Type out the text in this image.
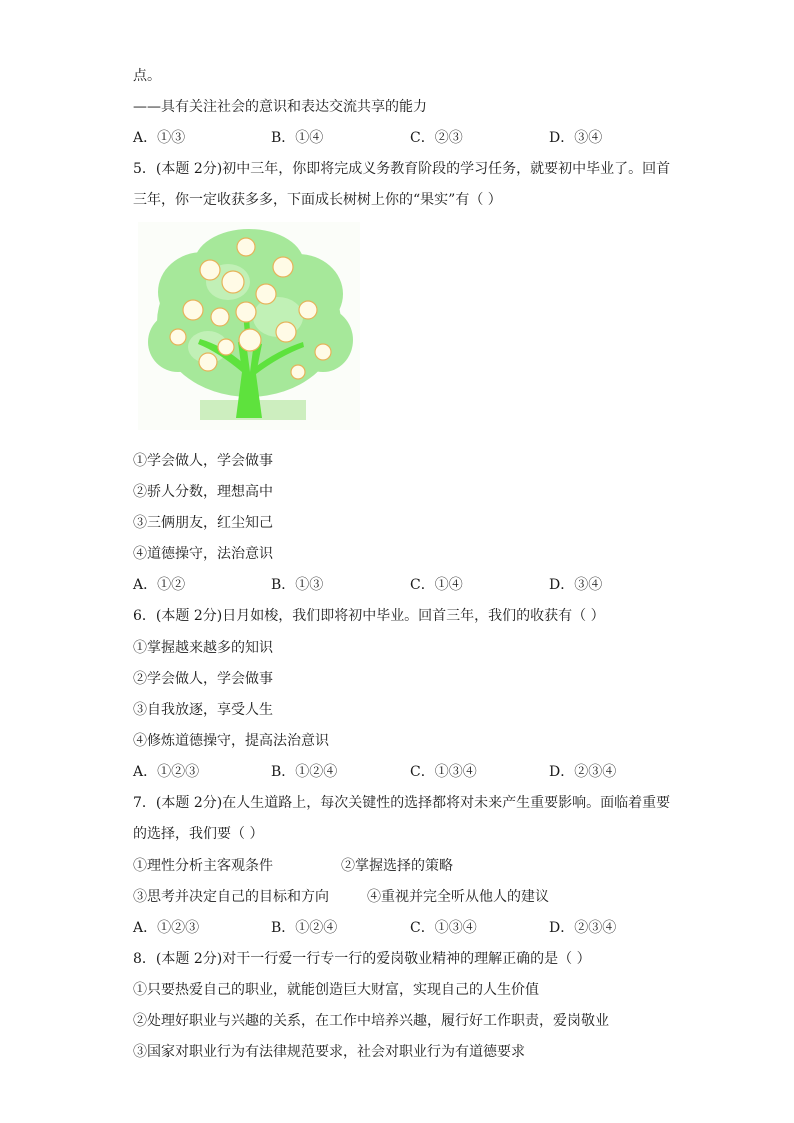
点。
——具有关注社会的意识和表达交流共享的能力
A．①③	B．①④	C．②③	D．③④
5．(本题 2分)初中三年，你即将完成义务教育阶段的学习任务，就要初中毕业了。回首
三年，你一定收获多多，下面成长树树上你的“果实”有（ ）
①学会做人，学会做事
②骄人分数，理想高中
③三俩朋友，红尘知己
④道德操守，法治意识
A．①②	B．①③	C．①④	D．③④
6．(本题 2分)日月如梭，我们即将初中毕业。回首三年，我们的收获有（ ）
①掌握越来越多的知识
②学会做人，学会做事
③自我放逐，享受人生
④修炼道德操守，提高法治意识
A．①②③	B．①②④	C．①③④	D．②③④
7．(本题 2分)在人生道路上，每次关键性的选择都将对未来产生重要影响。面临着重要
的选择，我们要（ ）
①理性分析主客观条件	②掌握选择的策略
③思考并决定自己的目标和方向	④重视并完全听从他人的建议
A．①②③	B．①②④	C．①③④	D．②③④
8．(本题 2分)对干一行爱一行专一行的爱岗敬业精神的理解正确的是（ ）
①只要热爱自己的职业，就能创造巨大财富，实现自己的人生价值
②处理好职业与兴趣的关系，在工作中培养兴趣，履行好工作职责，爱岗敬业
③国家对职业行为有法律规范要求，社会对职业行为有道德要求
